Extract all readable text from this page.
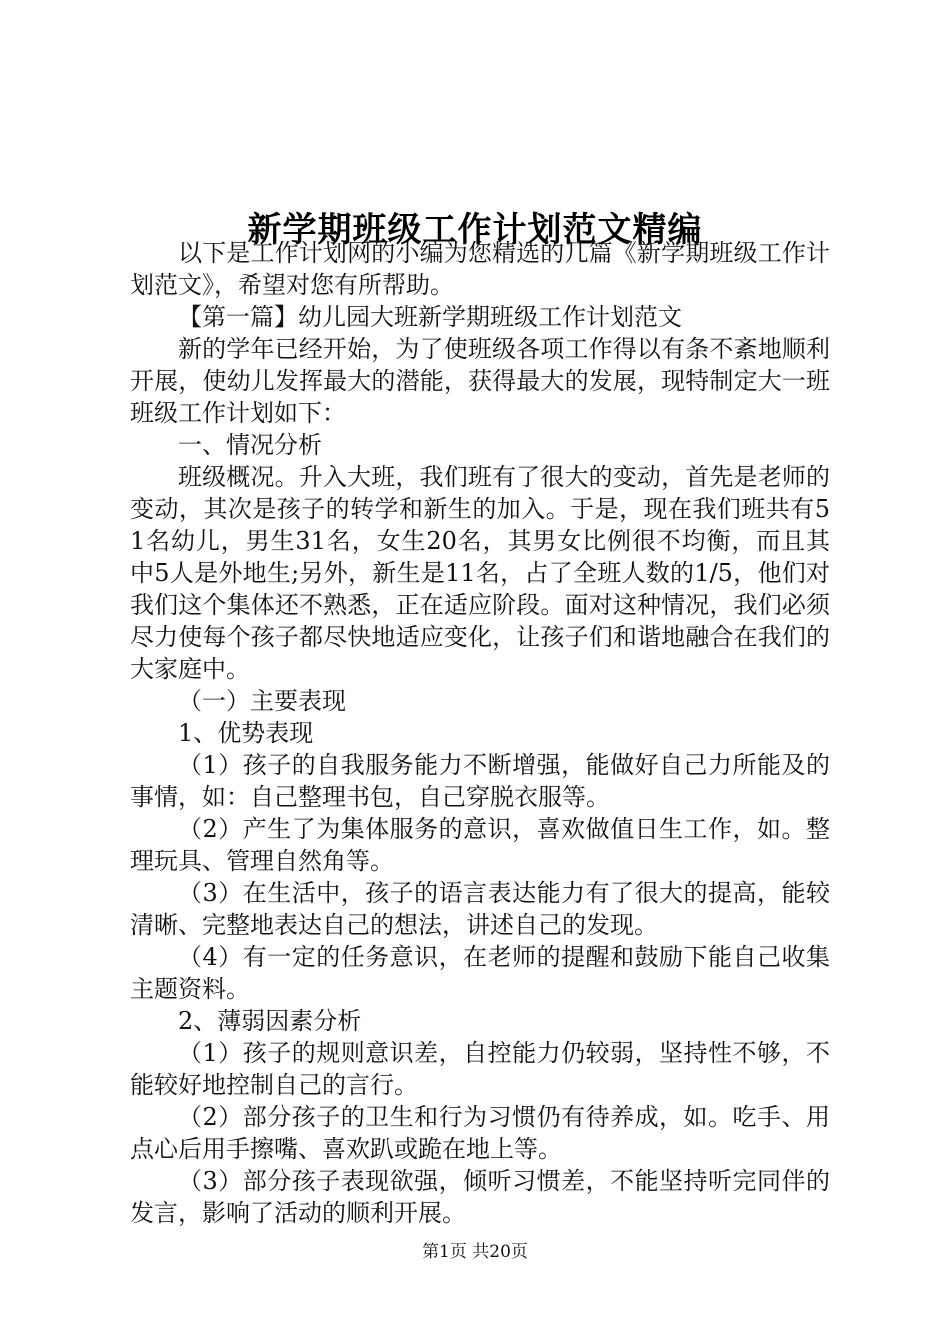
新学期班级工作计划范文精编

以下是工作计划网的小编为您精选的几篇《新学期班级工作计划范文》，希望对您有所帮助。

【第一篇】幼儿园大班新学期班级工作计划范文

新的学年已经开始，为了使班级各项工作得以有条不紊地顺利开展，使幼儿发挥最大的潜能，获得最大的发展，现特制定大一班班级工作计划如下：

一、情况分析

班级概况。升入大班，我们班有了很大的变动，首先是老师的变动，其次是孩子的转学和新生的加入。于是，现在我们班共有51名幼儿，男生31名，女生20名，其男女比例很不均衡，而且其中5人是外地生;另外，新生是11名，占了全班人数的1/5，他们对我们这个集体还不熟悉，正在适应阶段。面对这种情况，我们必须尽力使每个孩子都尽快地适应变化，让孩子们和谐地融合在我们的大家庭中。

（一）主要表现

1、优势表现

（1）孩子的自我服务能力不断增强，能做好自己力所能及的事情，如：自己整理书包，自己穿脱衣服等。

（2）产生了为集体服务的意识，喜欢做值日生工作，如。整理玩具、管理自然角等。

（3）在生活中，孩子的语言表达能力有了很大的提高，能较清晰、完整地表达自己的想法，讲述自己的发现。

（4）有一定的任务意识，在老师的提醒和鼓励下能自己收集主题资料。

2、薄弱因素分析

（1）孩子的规则意识差，自控能力仍较弱，坚持性不够，不能较好地控制自己的言行。

（2）部分孩子的卫生和行为习惯仍有待养成，如。吃手、用点心后用手擦嘴、喜欢趴或跪在地上等。

（3）部分孩子表现欲强，倾听习惯差，不能坚持听完同伴的发言，影响了活动的顺利开展。

第1页 共20页
